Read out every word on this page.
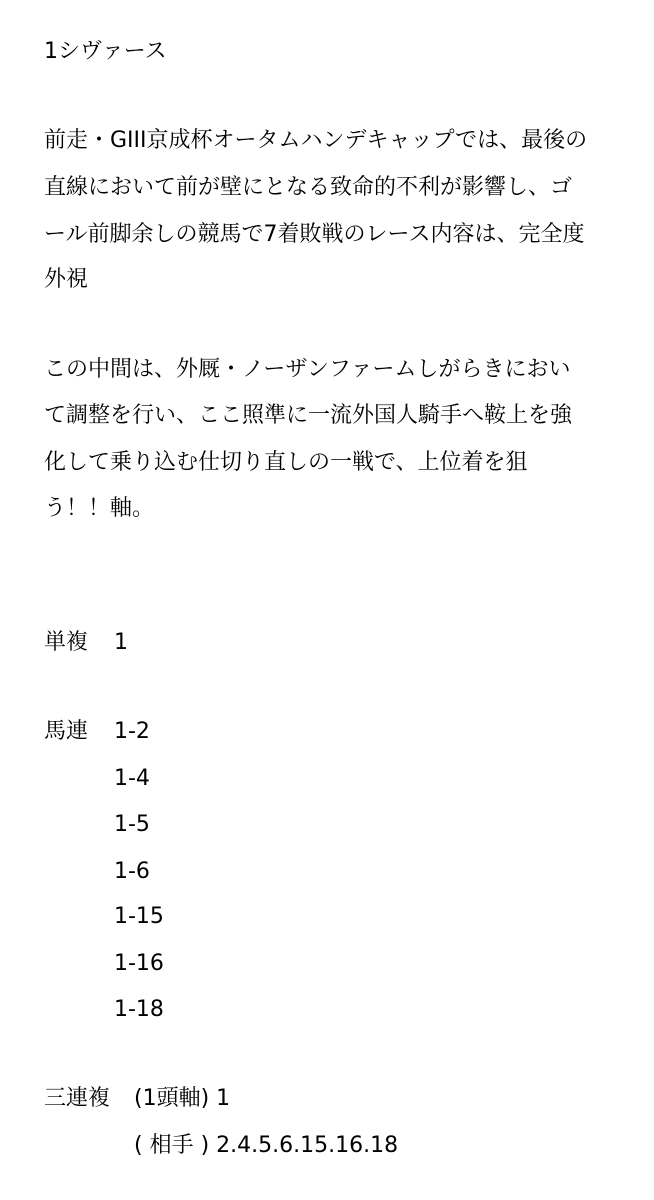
1シヴァース
前走・GIII京成杯オータムハンデキャップでは、最後の
直線において前が壁にとなる致命的不利が影響し、ゴ
ール前脚余しの競馬で7着敗戦のレース内容は、完全度
外視
この中間は、外厩・ノーザンファームしがらきにおい
て調整を行い、ここ照準に一流外国人騎手へ鞍上を強
化して乗り込む仕切り直しの一戦で、上位着を狙
う！！軸。
単複 1
馬連 1-2
1-4
1-5
1-6
1-15
1-16
1-18
三連複 (1頭軸) 1
( 相手 ) 2.4.5.6.15.16.18
